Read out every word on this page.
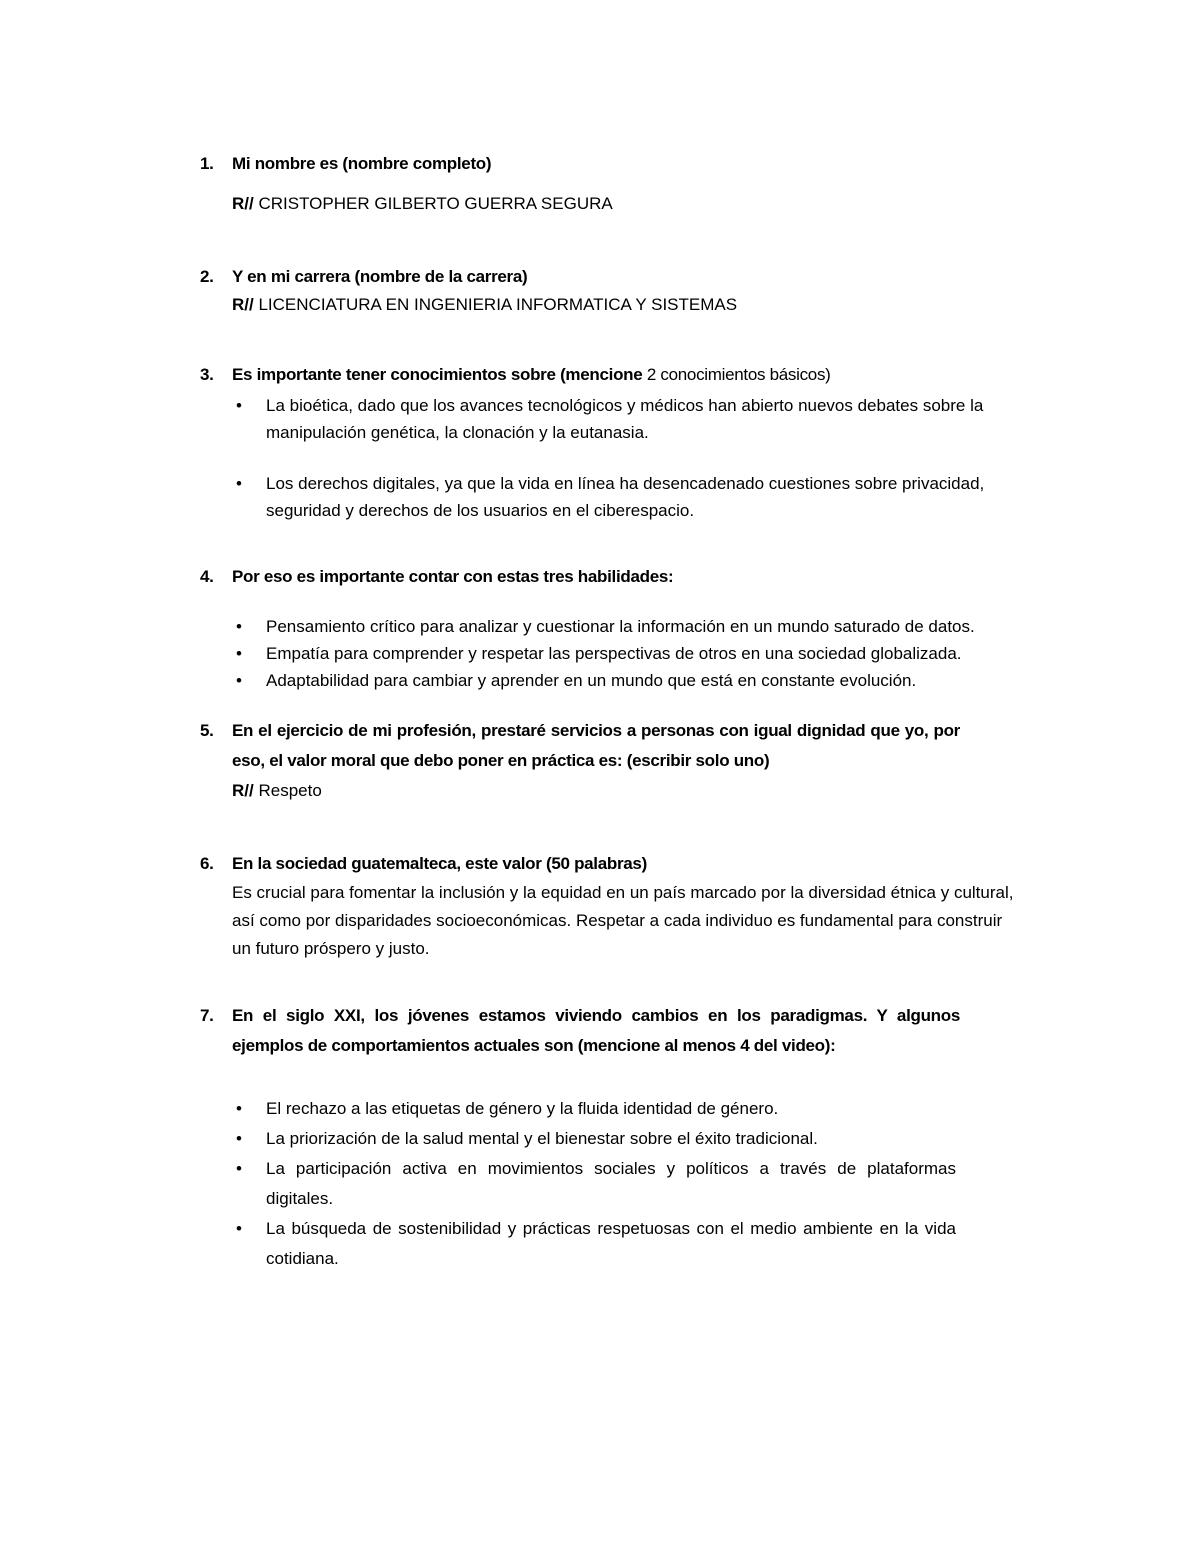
1.	Mi nombre es (nombre completo)

R// CRISTOPHER GILBERTO GUERRA SEGURA

2.	Y en mi carrera (nombre de la carrera)

R// LICENCIATURA EN INGENIERIA INFORMATICA Y SISTEMAS

3.	Es importante tener conocimientos sobre (mencione 2 conocimientos básicos)
•	La bioética, dado que los avances tecnológicos y médicos han abierto nuevos debates sobre la manipulación genética, la clonación y la eutanasia.
•	Los derechos digitales, ya que la vida en línea ha desencadenado cuestiones sobre privacidad, seguridad y derechos de los usuarios en el ciberespacio.
4.	Por eso es importante contar con estas tres habilidades:
•	Pensamiento crítico para analizar y cuestionar la información en un mundo saturado de datos.
•	Empatía para comprender y respetar las perspectivas de otros en una sociedad globalizada.
•	Adaptabilidad para cambiar y aprender en un mundo que está en constante evolución.
5.	En el ejercicio de mi profesión, prestaré servicios a personas con igual dignidad que yo, por eso, el valor moral que debo poner en práctica es: (escribir solo uno)

R// Respeto

6.	En la sociedad guatemalteca, este valor (50 palabras)

Es crucial para fomentar la inclusión y la equidad en un país marcado por la diversidad étnica y cultural, así como por disparidades socioeconómicas. Respetar a cada individuo es fundamental para construir un futuro próspero y justo.

7.	En el siglo XXI, los jóvenes estamos viviendo cambios en los paradigmas. Y algunos ejemplos de comportamientos actuales son (mencione al menos 4 del video):
•	El rechazo a las etiquetas de género y la fluida identidad de género.
•	La priorización de la salud mental y el bienestar sobre el éxito tradicional.
•	La participación activa en movimientos sociales y políticos a través de plataformas digitales.
•	La búsqueda de sostenibilidad y prácticas respetuosas con el medio ambiente en la vida cotidiana.
